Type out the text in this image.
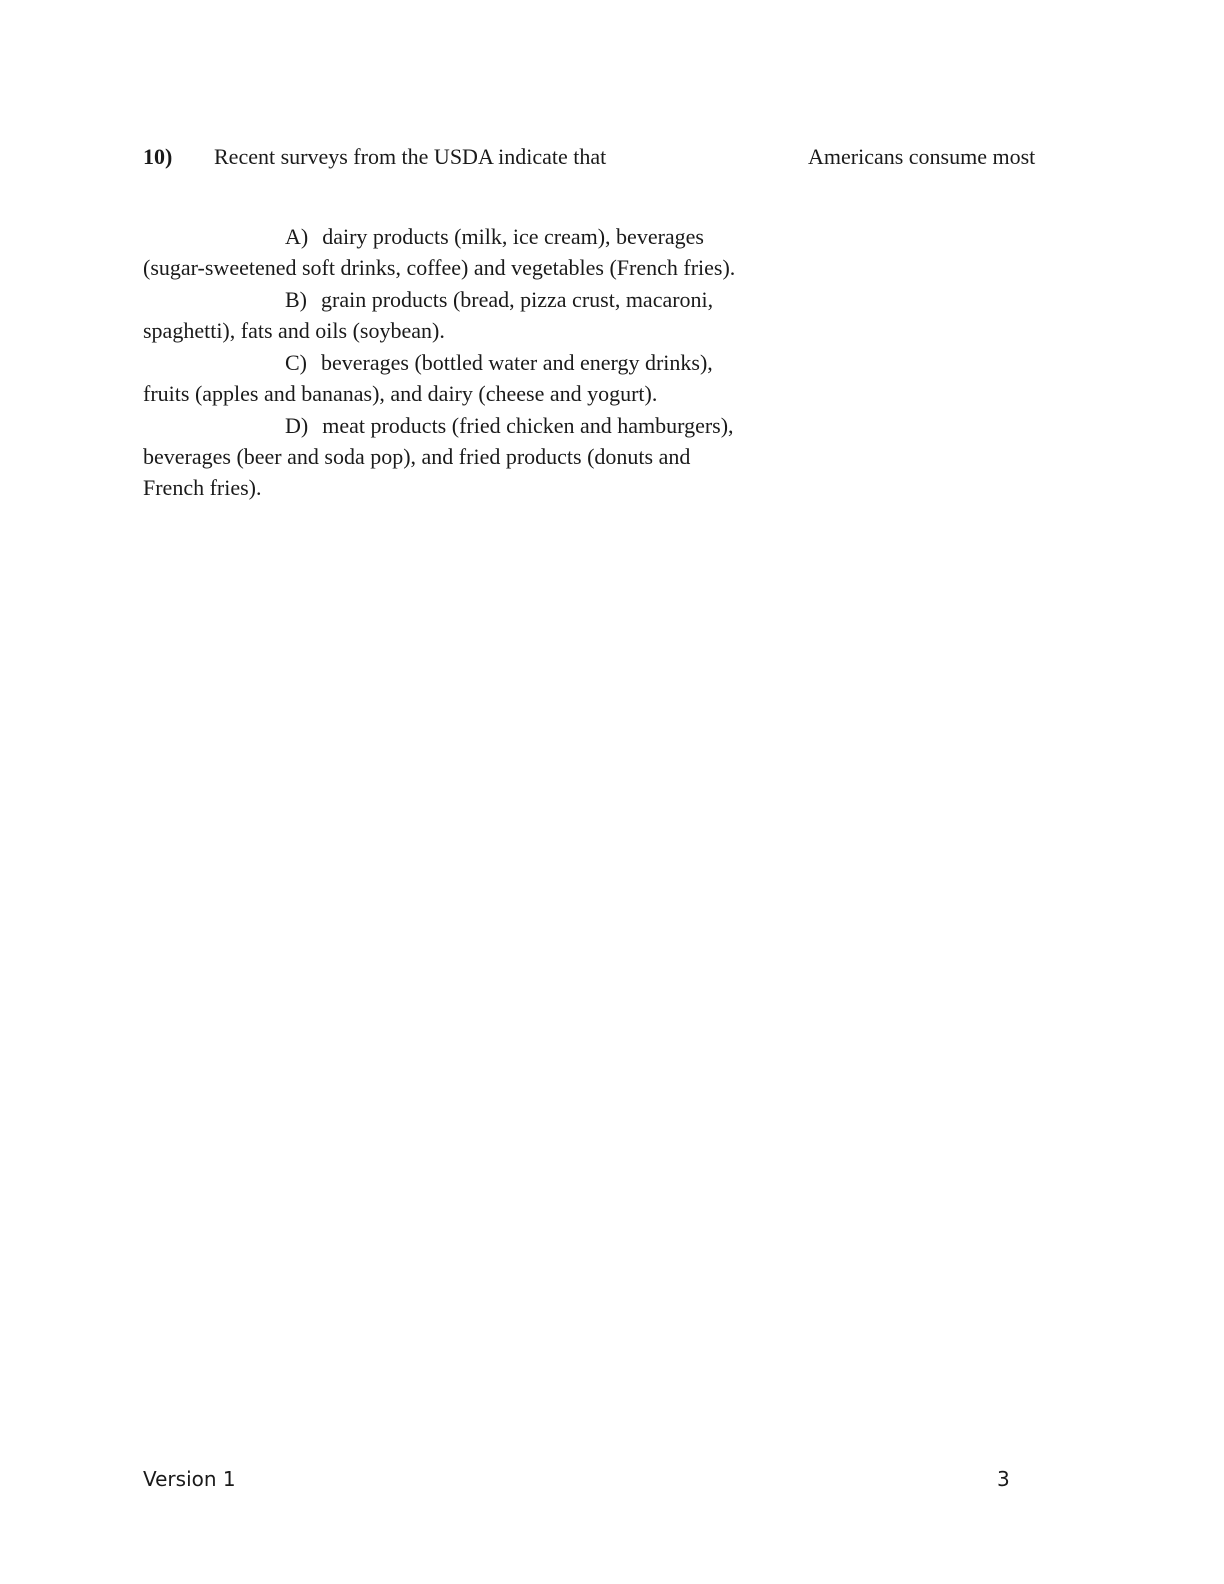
10) Recent surveys from the USDA indicate that	Americans consume most
A) dairy products (milk, ice cream), beverages (sugar-sweetened soft drinks, coffee) and vegetables (French fries).
B) grain products (bread, pizza crust, macaroni, spaghetti), fats and oils (soybean).
C) beverages (bottled water and energy drinks), fruits (apples and bananas), and dairy (cheese and yogurt).
D) meat products (fried chicken and hamburgers), beverages (beer and soda pop), and fried products (donuts and French fries).
Version 1	3
